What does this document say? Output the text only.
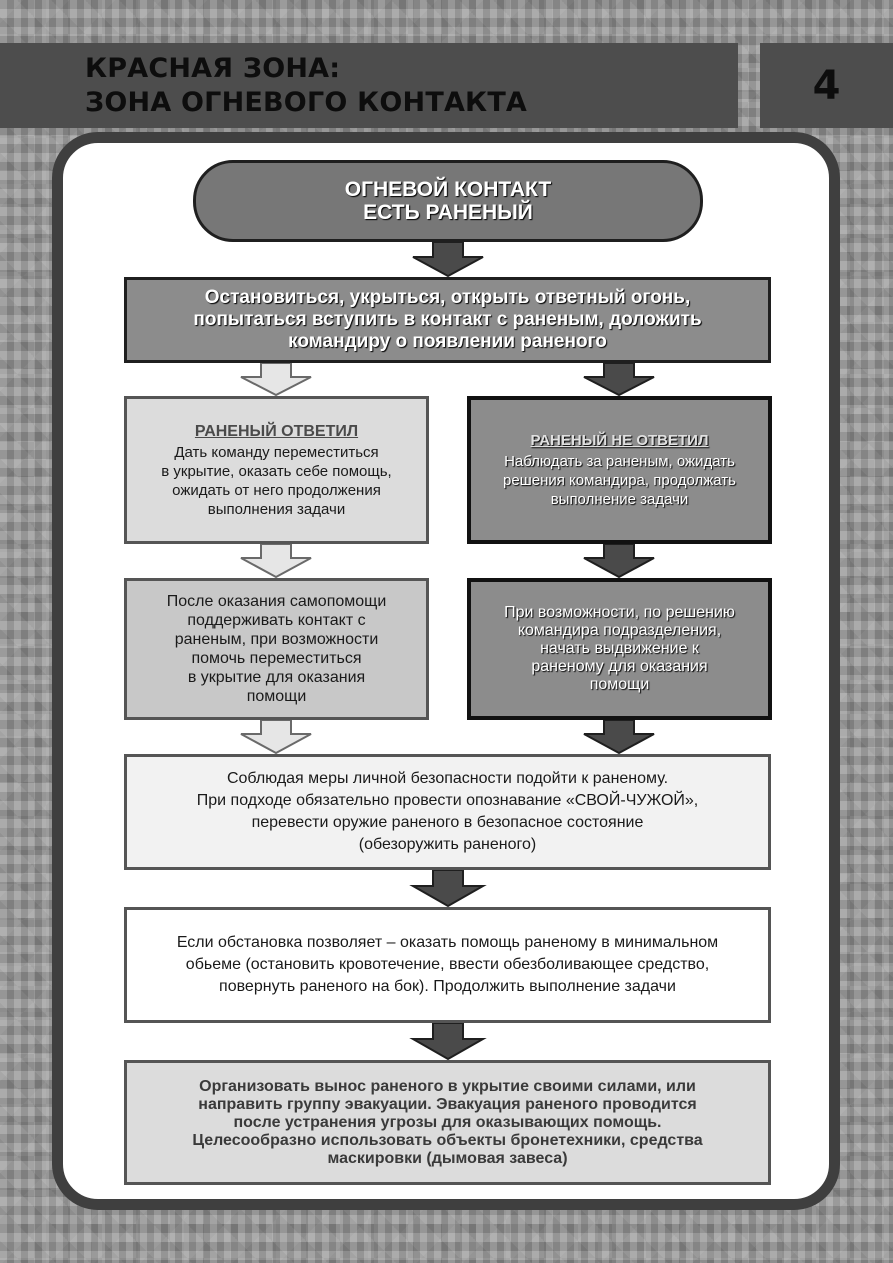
КРАСНАЯ ЗОНА:
ЗОНА ОГНЕВОГО КОНТАКТА	4
ОГНЕВОЙ КОНТАКТ
ЕСТЬ РАНЕНЫЙ
Остановиться, укрыться, открыть ответный огонь,
попытаться вступить в контакт с раненым, доложить
командиру о появлении раненого
РАНЕНЫЙ ОТВЕТИЛ
Дать команду переместиться
в укрытие, оказать себе помощь,
ожидать от него продолжения
выполнения задачи
РАНЕНЫЙ НЕ ОТВЕТИЛ
Наблюдать за раненым, ожидать
решения командира, продолжать
выполнение задачи
После оказания самопомощи
поддерживать контакт с
раненым, при возможности
помочь переместиться
в укрытие для оказания
помощи
При возможности, по решению
командира подразделения,
начать выдвижение к
раненому для оказания
помощи
Соблюдая меры личной безопасности подойти к раненому.
При подходе обязательно провести опознавание «СВОЙ-ЧУЖОЙ»,
перевести оружие раненого в безопасное состояние
(обезоружить раненого)
Если обстановка позволяет – оказать помощь раненому в минимальном
обьеме (остановить кровотечение, ввести обезболивающее средство,
повернуть раненого на бок). Продолжить выполнение задачи
Организовать вынос раненого в укрытие своими силами, или
направить группу эвакуации. Эвакуация раненого проводится
после устранения угрозы для оказывающих помощь.
Целесообразно использовать объекты бронетехники, средства
маскировки (дымовая завеса)
